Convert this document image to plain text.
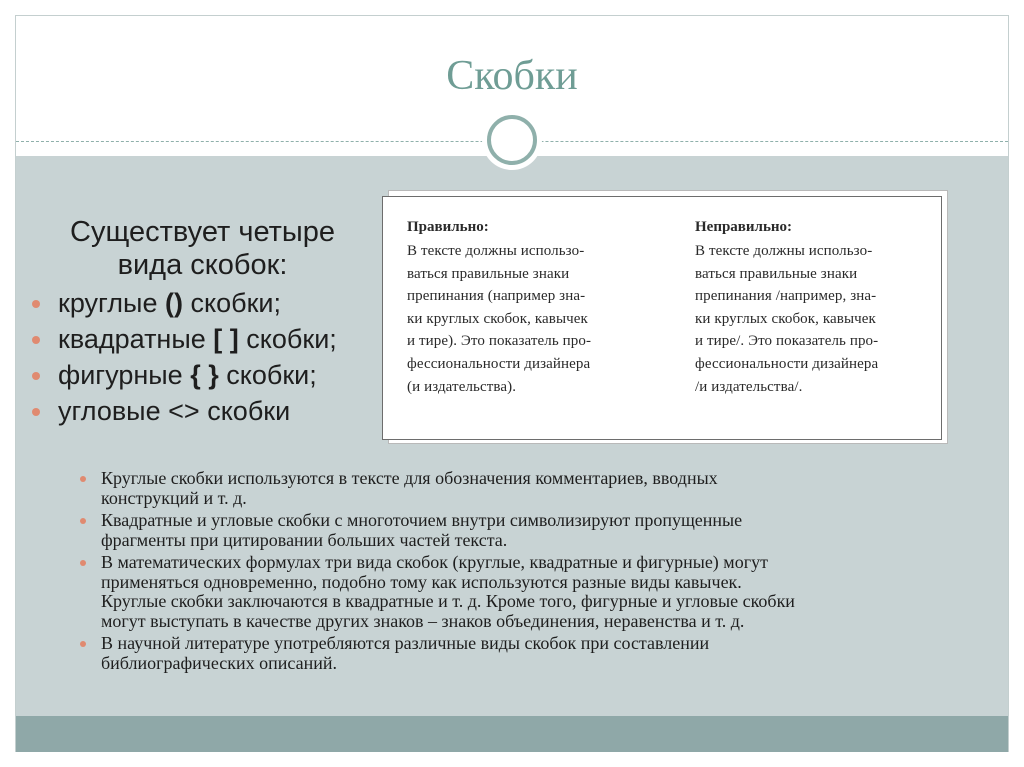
Скобки
Существует четыре
вида скобок:
круглые () скобки;
квадратные [ ] скобки;
фигурные { } скобки;
угловые <> скобки
Правильно:
В тексте должны использо-
ваться правильные знаки
препинания (например зна-
ки круглых скобок, кавычек
и тире). Это показатель про-
фессиональности дизайнера
(и издательства).
Неправильно:
В тексте должны использо-
ваться правильные знаки
препинания /например, зна-
ки круглых скобок, кавычек
и тире/. Это показатель про-
фессиональности дизайнера
/и издательства/.
Круглые скобки используются в тексте для обозначения комментариев, вводных
конструкций и т. д.
Квадратные и угловые скобки с многоточием внутри символизируют пропущенные
фрагменты при цитировании больших частей текста.
В математических формулах три вида скобок (круглые, квадратные и фигурные) могут
применяться одновременно, подобно тому как используются разные виды кавычек.
Круглые скобки заключаются в квадратные и т. д. Кроме того, фигурные и угловые скобки
могут выступать в качестве других знаков – знаков объединения, неравенства и т. д.
В научной литературе употребляются различные виды скобок при составлении
библиографических описаний.
